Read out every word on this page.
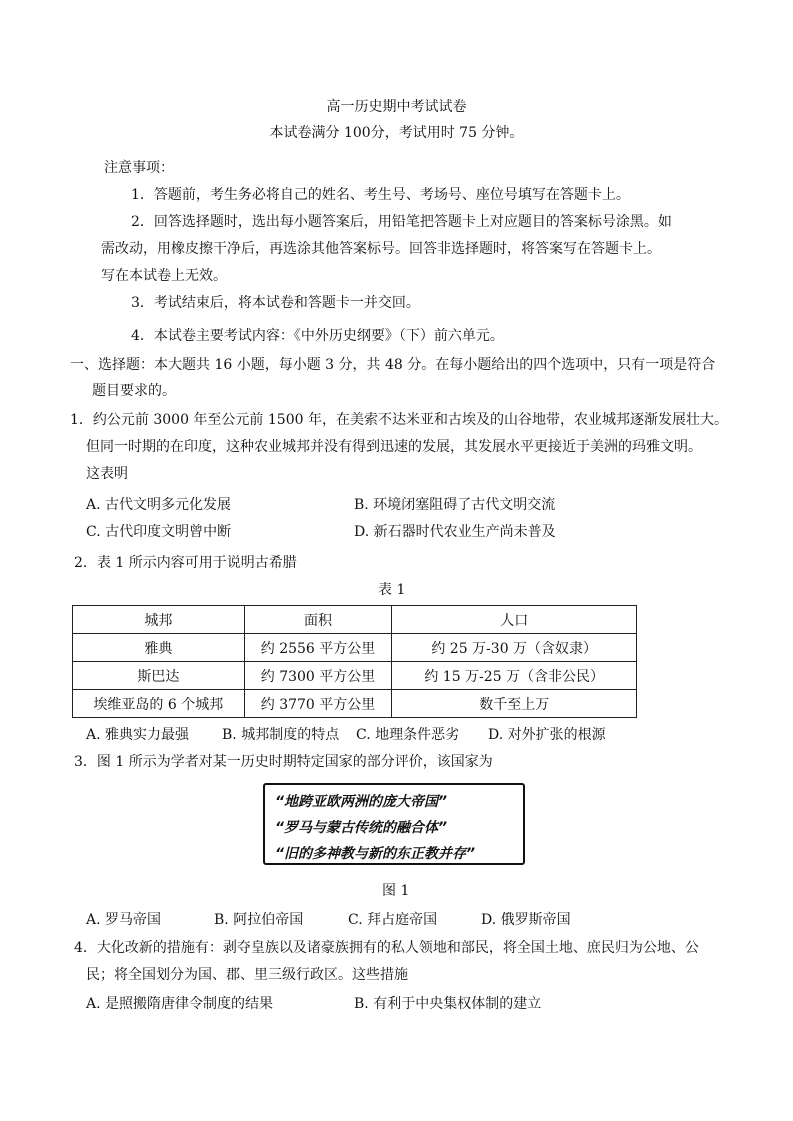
高一历史期中考试试卷
本试卷满分 100分，考试用时 75 分钟。
注意事项：
1．答题前，考生务必将自己的姓名、考生号、考场号、座位号填写在答题卡上。
2．回答选择题时，选出每小题答案后，用铅笔把答题卡上对应题目的答案标号涂黑。如
需改动，用橡皮擦干净后，再选涂其他答案标号。回答非选择题时，将答案写在答题卡上。
写在本试卷上无效。
3．考试结束后，将本试卷和答题卡一并交回。
4．本试卷主要考试内容：《中外历史纲要》（下）前六单元。
一、选择题：本大题共 16 小题，每小题 3 分，共 48 分。在每小题给出的四个选项中，只有一项是符合
题目要求的。
1．约公元前 3000 年至公元前 1500 年，在美索不达米亚和古埃及的山谷地带，农业城邦逐渐发展壮大。
但同一时期的在印度，这种农业城邦并没有得到迅速的发展，其发展水平更接近于美洲的玛雅文明。
这表明
A. 古代文明多元化发展	B. 环境闭塞阻碍了古代文明交流
C. 古代印度文明曾中断	D. 新石器时代农业生产尚未普及
2．表 1 所示内容可用于说明古希腊
表 1
城邦	面积	人口
雅典	约 2556 平方公里	约 25 万-30 万（含奴隶）
斯巴达	约 7300 平方公里	约 15 万-25 万（含非公民）
埃维亚岛的 6 个城邦	约 3770 平方公里	数千至上万
A. 雅典实力最强 B. 城邦制度的特点 C. 地理条件恶劣 D. 对外扩张的根源
3．图 1 所示为学者对某一历史时期特定国家的部分评价，该国家为
“地跨亚欧两洲的庞大帝国”
“罗马与蒙古传统的融合体”
“旧的多神教与新的东正教并存”
图 1
A. 罗马帝国	B. 阿拉伯帝国	C. 拜占庭帝国	D. 俄罗斯帝国
4．大化改新的措施有：剥夺皇族以及诸豪族拥有的私人领地和部民，将全国土地、庶民归为公地、公
民；将全国划分为国、郡、里三级行政区。这些措施
A. 是照搬隋唐律令制度的结果	B. 有利于中央集权体制的建立
